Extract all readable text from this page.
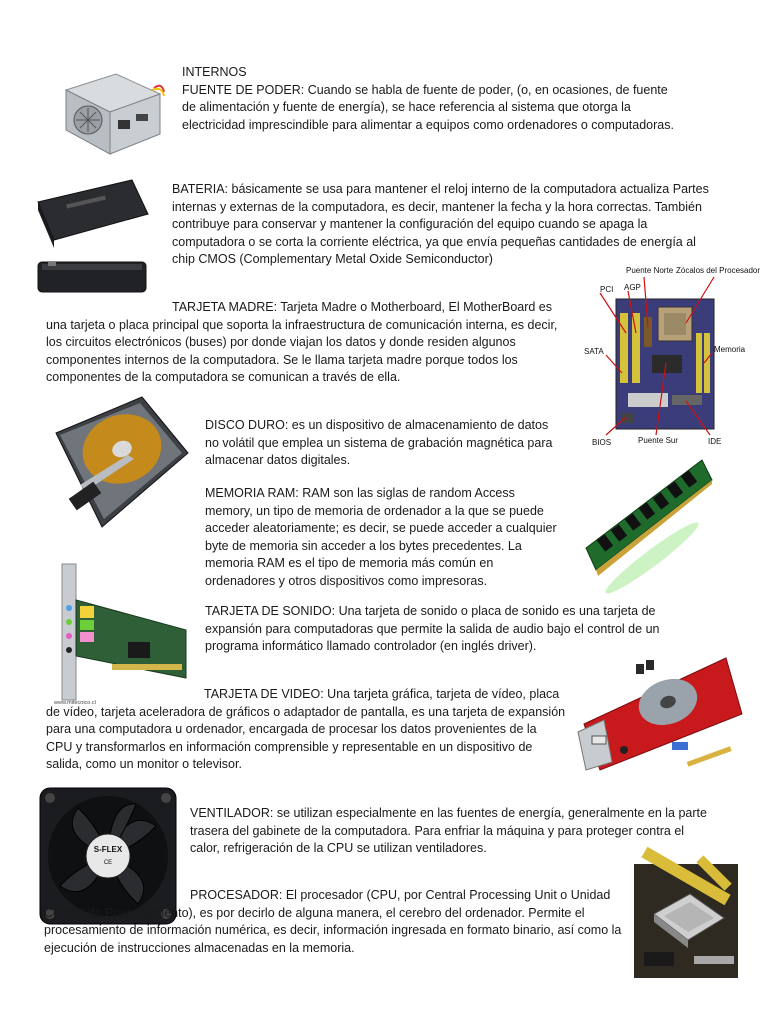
INTERNOS

FUENTE DE PODER: Cuando se habla de fuente de poder, (o, en ocasiones, de fuente de alimentación y fuente de energía), se hace referencia al sistema que otorga la electricidad imprescindible para alimentar a equipos como ordenadores o computadoras.

BATERIA: básicamente se usa para mantener el reloj interno de la computadora actualiza Partes internas y externas de la computadora, es decir, mantener la fecha y la hora correctas. También contribuye para conservar y mantener la configuración del equipo cuando se apaga la computadora o se corta la corriente eléctrica, ya que envía pequeñas cantidades de energía al chip CMOS (Complementary Metal Oxide Semiconductor)

PCI AGP
Puente Norte Zócalos del Procesador
SATA	Memoria
BIOS	Puente Sur	IDE

TARJETA MADRE: Tarjeta Madre o Motherboard, El MotherBoard es una tarjeta o placa principal que soporta la infraestructura de comunicación interna, es decir, los circuitos electrónicos (buses) por donde viajan los datos y donde residen algunos componentes internos de la computadora. Se le llama tarjeta madre porque todos los componentes de la computadora se comunican a través de ella.

DISCO DURO: es un dispositivo de almacenamiento de datos no volátil que emplea un sistema de grabación magnética para almacenar datos digitales.

MEMORIA RAM: RAM son las siglas de random Access memory, un tipo de memoria de ordenador a la que se puede acceder aleatoriamente; es decir, se puede acceder a cualquier byte de memoria sin acceder a los bytes precedentes. La memoria RAM es el tipo de memoria más común en ordenadores y otros dispositivos como impresoras.

www.mitecnico.cl

TARJETA DE SONIDO: Una tarjeta de sonido o placa de sonido es una tarjeta de expansión para computadoras que permite la salida de audio bajo el control de un programa informático llamado controlador (en inglés driver).

TARJETA DE VIDEO: Una tarjeta gráfica, tarjeta de vídeo, placa de vídeo, tarjeta aceleradora de gráficos o adaptador de pantalla, es una tarjeta de expansión para una computadora u ordenador, encargada de procesar los datos provenientes de la CPU y transformarlos en información comprensible y representable en un dispositivo de salida, como un monitor o televisor.

S-FLEX
CE

VENTILADOR: se utilizan especialmente en las fuentes de energía, generalmente en la parte trasera del gabinete de la computadora. Para enfriar la máquina y para proteger contra el calor, refrigeración de la CPU se utilizan ventiladores.

PROCESADOR: El procesador (CPU, por Central Processing Unit o Unidad Central de Procesamiento), es por decirlo de alguna manera, el cerebro del ordenador. Permite el procesamiento de información numérica, es decir, información ingresada en formato binario, así como la ejecución de instrucciones almacenadas en la memoria.
